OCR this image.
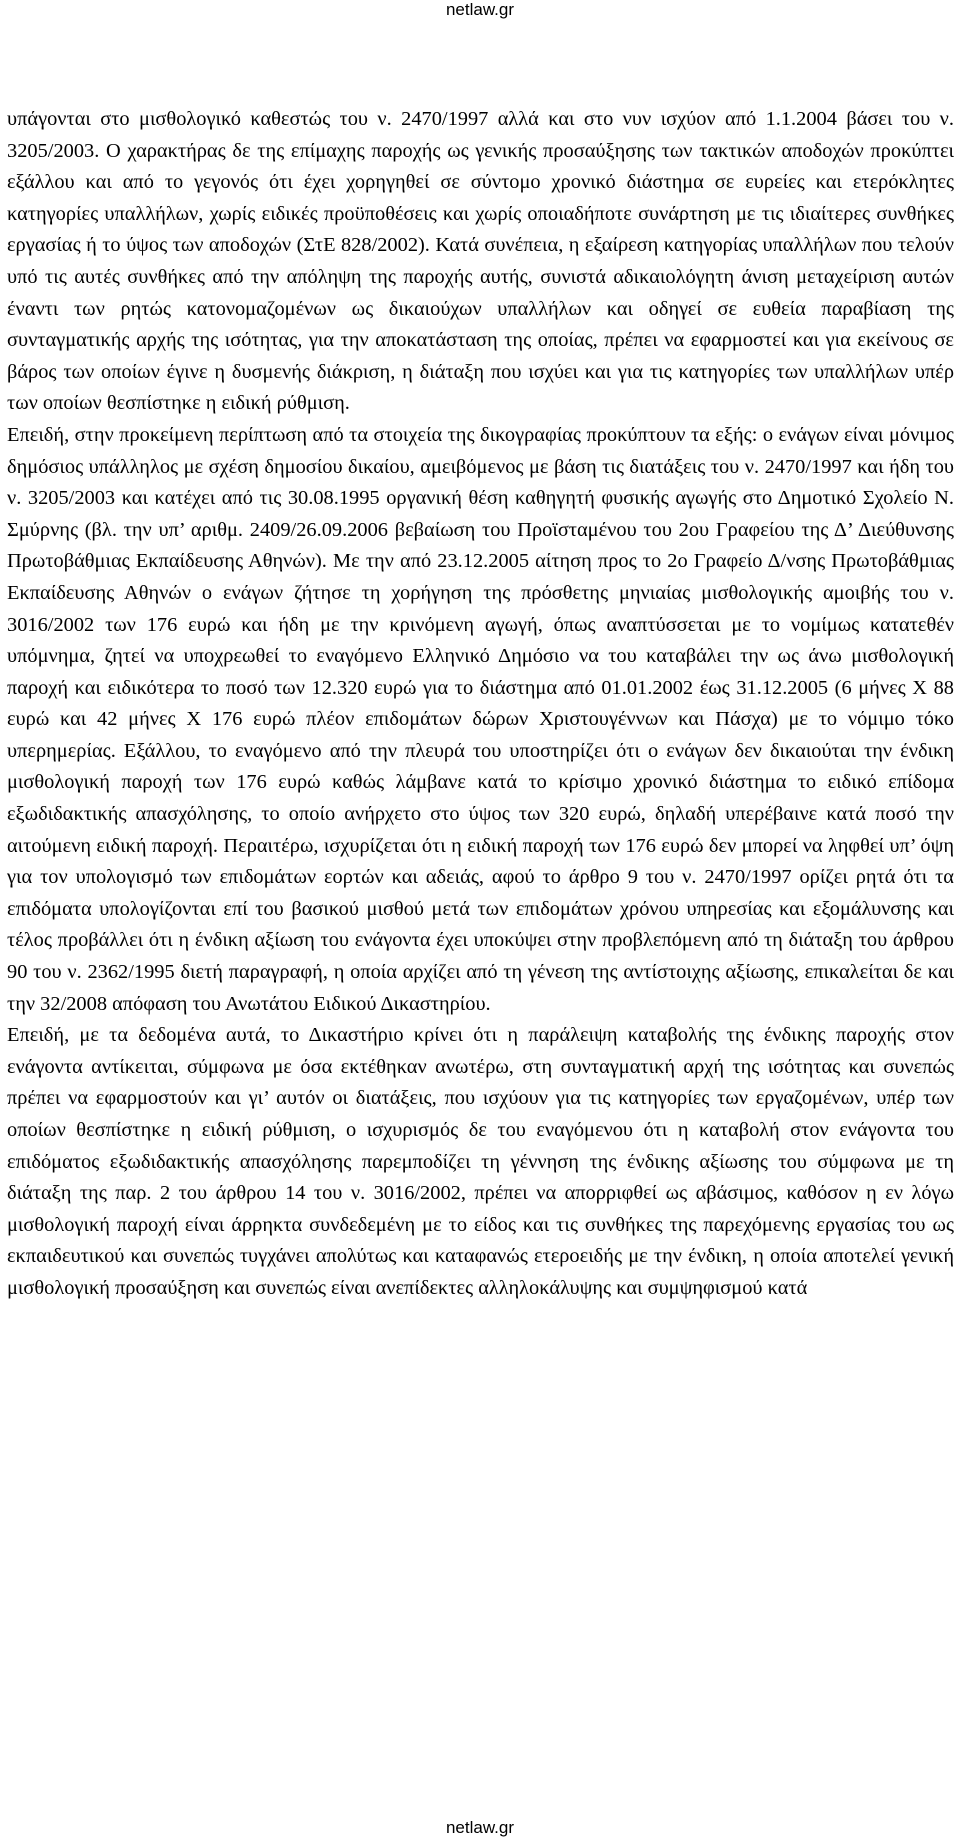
netlaw.gr

υπάγονται στο μισθολογικό καθεστώς του ν. 2470/1997 αλλά και στο νυν ισχύον από 1.1.2004 βάσει του ν. 3205/2003. Ο χαρακτήρας δε της επίμαχης παροχής ως γενικής προσαύξησης των τακτικών αποδοχών προκύπτει εξάλλου και από το γεγονός ότι έχει χορηγηθεί σε σύντομο χρονικό διάστημα σε ευρείες και ετερόκλητες κατηγορίες υπαλλήλων, χωρίς ειδικές προϋποθέσεις και χωρίς οποιαδήποτε συνάρτηση με τις ιδιαίτερες συνθήκες εργασίας ή το ύψος των αποδοχών (ΣτΕ 828/2002). Κατά συνέπεια, η εξαίρεση κατηγορίας υπαλλήλων που τελούν υπό τις αυτές συνθήκες από την απόληψη της παροχής αυτής, συνιστά αδικαιολόγητη άνιση μεταχείριση αυτών έναντι των ρητώς κατονομαζομένων ως δικαιούχων υπαλλήλων και οδηγεί σε ευθεία παραβίαση της συνταγματικής αρχής της ισότητας, για την αποκατάσταση της οποίας, πρέπει να εφαρμοστεί και για εκείνους σε βάρος των οποίων έγινε η δυσμενής διάκριση, η διάταξη που ισχύει και για τις κατηγορίες των υπαλλήλων υπέρ των οποίων θεσπίστηκε η ειδική ρύθμιση.

Επειδή, στην προκείμενη περίπτωση από τα στοιχεία της δικογραφίας προκύπτουν τα εξής: ο ενάγων είναι μόνιμος δημόσιος υπάλληλος με σχέση δημοσίου δικαίου, αμειβόμενος με βάση τις διατάξεις του ν. 2470/1997 και ήδη του ν. 3205/2003 και κατέχει από τις 30.08.1995 οργανική θέση καθηγητή φυσικής αγωγής στο Δημοτικό Σχολείο Ν. Σμύρνης (βλ. την υπ’ αριθμ. 2409/26.09.2006 βεβαίωση του Προϊσταμένου του 2ου Γραφείου της Δ’ Διεύθυνσης Πρωτοβάθμιας Εκπαίδευσης Αθηνών). Με την από 23.12.2005 αίτηση προς το 2ο Γραφείο Δ/νσης Πρωτοβάθμιας Εκπαίδευσης Αθηνών ο ενάγων ζήτησε τη χορήγηση της πρόσθετης μηνιαίας μισθολογικής αμοιβής του ν. 3016/2002 των 176 ευρώ και ήδη με την κρινόμενη αγωγή, όπως αναπτύσσεται με το νομίμως κατατεθέν υπόμνημα, ζητεί να υποχρεωθεί το εναγόμενο Ελληνικό Δημόσιο να του καταβάλει την ως άνω μισθολογική παροχή και ειδικότερα το ποσό των 12.320 ευρώ για το διάστημα από 01.01.2002 έως 31.12.2005 (6 μήνες Χ 88 ευρώ και 42 μήνες Χ 176 ευρώ πλέον επιδομάτων δώρων Χριστουγέννων και Πάσχα) με το νόμιμο τόκο υπερημερίας. Εξάλλου, το εναγόμενο από την πλευρά του υποστηρίζει ότι ο ενάγων δεν δικαιούται την ένδικη μισθολογική παροχή των 176 ευρώ καθώς λάμβανε κατά το κρίσιμο χρονικό διάστημα το ειδικό επίδομα εξωδιδακτικής απασχόλησης, το οποίο ανήρχετο στο ύψος των 320 ευρώ, δηλαδή υπερέβαινε κατά ποσό την αιτούμενη ειδική παροχή. Περαιτέρω, ισχυρίζεται ότι η ειδική παροχή των 176 ευρώ δεν μπορεί να ληφθεί υπ’ όψη για τον υπολογισμό των επιδομάτων εορτών και αδειάς, αφού το άρθρο 9 του ν. 2470/1997 ορίζει ρητά ότι τα επιδόματα υπολογίζονται επί του βασικού μισθού μετά των επιδομάτων χρόνου υπηρεσίας και εξομάλυνσης και τέλος προβάλλει ότι η ένδικη αξίωση του ενάγοντα έχει υποκύψει στην προβλεπόμενη από τη διάταξη του άρθρου 90 του ν. 2362/1995 διετή παραγραφή, η οποία αρχίζει από τη γένεση της αντίστοιχης αξίωσης, επικαλείται δε και την 32/2008 απόφαση του Ανωτάτου Ειδικού Δικαστηρίου.

Επειδή, με τα δεδομένα αυτά, το Δικαστήριο κρίνει ότι η παράλειψη καταβολής της ένδικης παροχής στον ενάγοντα αντίκειται, σύμφωνα με όσα εκτέθηκαν ανωτέρω, στη συνταγματική αρχή της ισότητας και συνεπώς πρέπει να εφαρμοστούν και γι’ αυτόν οι διατάξεις, που ισχύουν για τις κατηγορίες των εργαζομένων, υπέρ των οποίων θεσπίστηκε η ειδική ρύθμιση, ο ισχυρισμός δε του εναγόμενου ότι η καταβολή στον ενάγοντα του επιδόματος εξωδιδακτικής απασχόλησης παρεμποδίζει τη γέννηση της ένδικης αξίωσης του σύμφωνα με τη διάταξη της παρ. 2 του άρθρου 14 του ν. 3016/2002, πρέπει να απορριφθεί ως αβάσιμος, καθόσον η εν λόγω μισθολογική παροχή είναι άρρηκτα συνδεδεμένη με το είδος και τις συνθήκες της παρεχόμενης εργασίας του ως εκπαιδευτικού και συνεπώς τυγχάνει απολύτως και καταφανώς ετεροειδής με την ένδικη, η οποία αποτελεί γενική μισθολογική προσαύξηση και συνεπώς είναι ανεπίδεκτες αλληλοκάλυψης και συμψηφισμού κατά

netlaw.gr
